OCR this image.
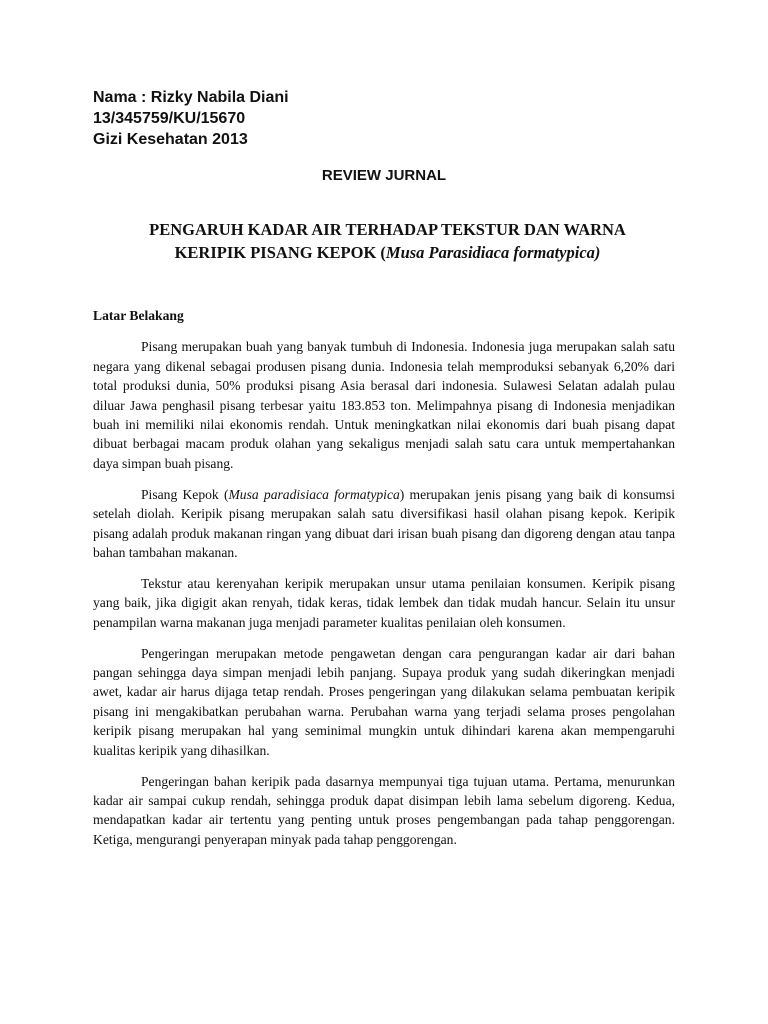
Nama : Rizky Nabila Diani
13/345759/KU/15670
Gizi Kesehatan 2013
REVIEW JURNAL
PENGARUH KADAR AIR TERHADAP TEKSTUR DAN WARNA
KERIPIK PISANG KEPOK (Musa Parasidiaca formatypica)
Latar Belakang

Pisang merupakan buah yang banyak tumbuh di Indonesia. Indonesia juga merupakan salah satu negara yang dikenal sebagai produsen pisang dunia. Indonesia telah memproduksi sebanyak 6,20% dari total produksi dunia, 50% produksi pisang Asia berasal dari indonesia. Sulawesi Selatan adalah pulau diluar Jawa penghasil pisang terbesar yaitu 183.853 ton. Melimpahnya pisang di Indonesia menjadikan buah ini memiliki nilai ekonomis rendah. Untuk meningkatkan nilai ekonomis dari buah pisang dapat dibuat berbagai macam produk olahan yang sekaligus menjadi salah satu cara untuk mempertahankan daya simpan buah pisang.

Pisang Kepok (Musa paradisiaca formatypica) merupakan jenis pisang yang baik di konsumsi setelah diolah. Keripik pisang merupakan salah satu diversifikasi hasil olahan pisang kepok. Keripik pisang adalah produk makanan ringan yang dibuat dari irisan buah pisang dan digoreng dengan atau tanpa bahan tambahan makanan.

Tekstur atau kerenyahan keripik merupakan unsur utama penilaian konsumen. Keripik pisang yang baik, jika digigit akan renyah, tidak keras, tidak lembek dan tidak mudah hancur. Selain itu unsur penampilan warna makanan juga menjadi parameter kualitas penilaian oleh konsumen.

Pengeringan merupakan metode pengawetan dengan cara pengurangan kadar air dari bahan pangan sehingga daya simpan menjadi lebih panjang. Supaya produk yang sudah dikeringkan menjadi awet, kadar air harus dijaga tetap rendah. Proses pengeringan yang dilakukan selama pembuatan keripik pisang ini mengakibatkan perubahan warna. Perubahan warna yang terjadi selama proses pengolahan keripik pisang merupakan hal yang seminimal mungkin untuk dihindari karena akan mempengaruhi kualitas keripik yang dihasilkan.

Pengeringan bahan keripik pada dasarnya mempunyai tiga tujuan utama. Pertama, menurunkan kadar air sampai cukup rendah, sehingga produk dapat disimpan lebih lama sebelum digoreng. Kedua, mendapatkan kadar air tertentu yang penting untuk proses pengembangan pada tahap penggorengan. Ketiga, mengurangi penyerapan minyak pada tahap penggorengan.
